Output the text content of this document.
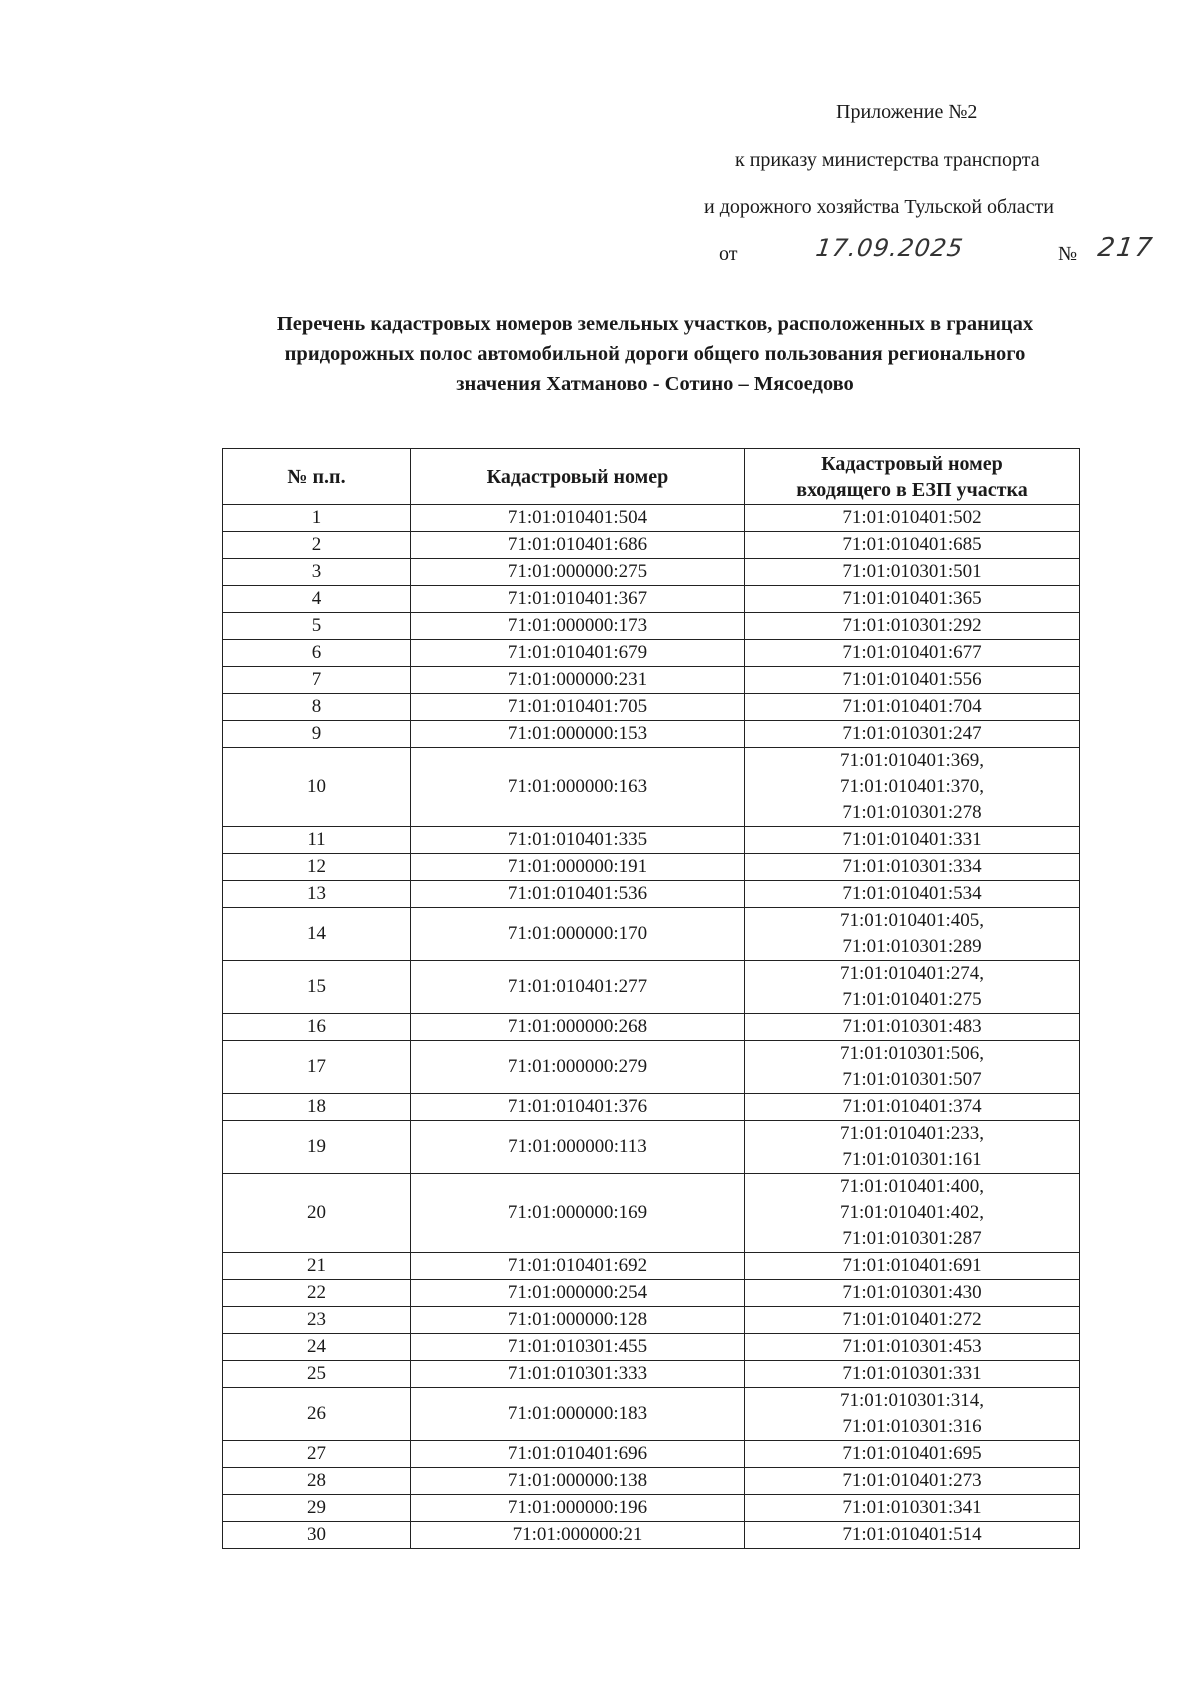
Приложение №2
к приказу министерства транспорта
и дорожного хозяйства Тульской области
от	17.09.2025	№ 217
Перечень кадастровых номеров земельных участков, расположенных в границах
придорожных полос автомобильной дороги общего пользования регионального
значения Хатманово - Сотино – Мясоедово
№ п.п.	Кадастровый номер	Кадастровый номер входящего в ЕЗП участка
1	71:01:010401:504	71:01:010401:502

2	71:01:010401:686	71:01:010401:685

3	71:01:000000:275	71:01:010301:501

4	71:01:010401:367	71:01:010401:365

5	71:01:000000:173	71:01:010301:292

6	71:01:010401:679	71:01:010401:677

7	71:01:000000:231	71:01:010401:556

8	71:01:010401:705	71:01:010401:704

9	71:01:000000:153	71:01:010301:247

10	71:01:000000:163	71:01:010401:369,
71:01:010401:370,
71:01:010301:278

11	71:01:010401:335	71:01:010401:331

12	71:01:000000:191	71:01:010301:334

13	71:01:010401:536	71:01:010401:534

14	71:01:000000:170	71:01:010401:405,
71:01:010301:289

15	71:01:010401:277	71:01:010401:274,
71:01:010401:275

16	71:01:000000:268	71:01:010301:483

17	71:01:000000:279	71:01:010301:506,
71:01:010301:507

18	71:01:010401:376	71:01:010401:374

19	71:01:000000:113	71:01:010401:233,
71:01:010301:161

20	71:01:000000:169	71:01:010401:400,
71:01:010401:402,
71:01:010301:287

21	71:01:010401:692	71:01:010401:691

22	71:01:000000:254	71:01:010301:430

23	71:01:000000:128	71:01:010401:272

24	71:01:010301:455	71:01:010301:453

25	71:01:010301:333	71:01:010301:331

26	71:01:000000:183	71:01:010301:314,
71:01:010301:316

27	71:01:010401:696	71:01:010401:695

28	71:01:000000:138	71:01:010401:273

29	71:01:000000:196	71:01:010301:341

30	71:01:000000:21	71:01:010401:514
